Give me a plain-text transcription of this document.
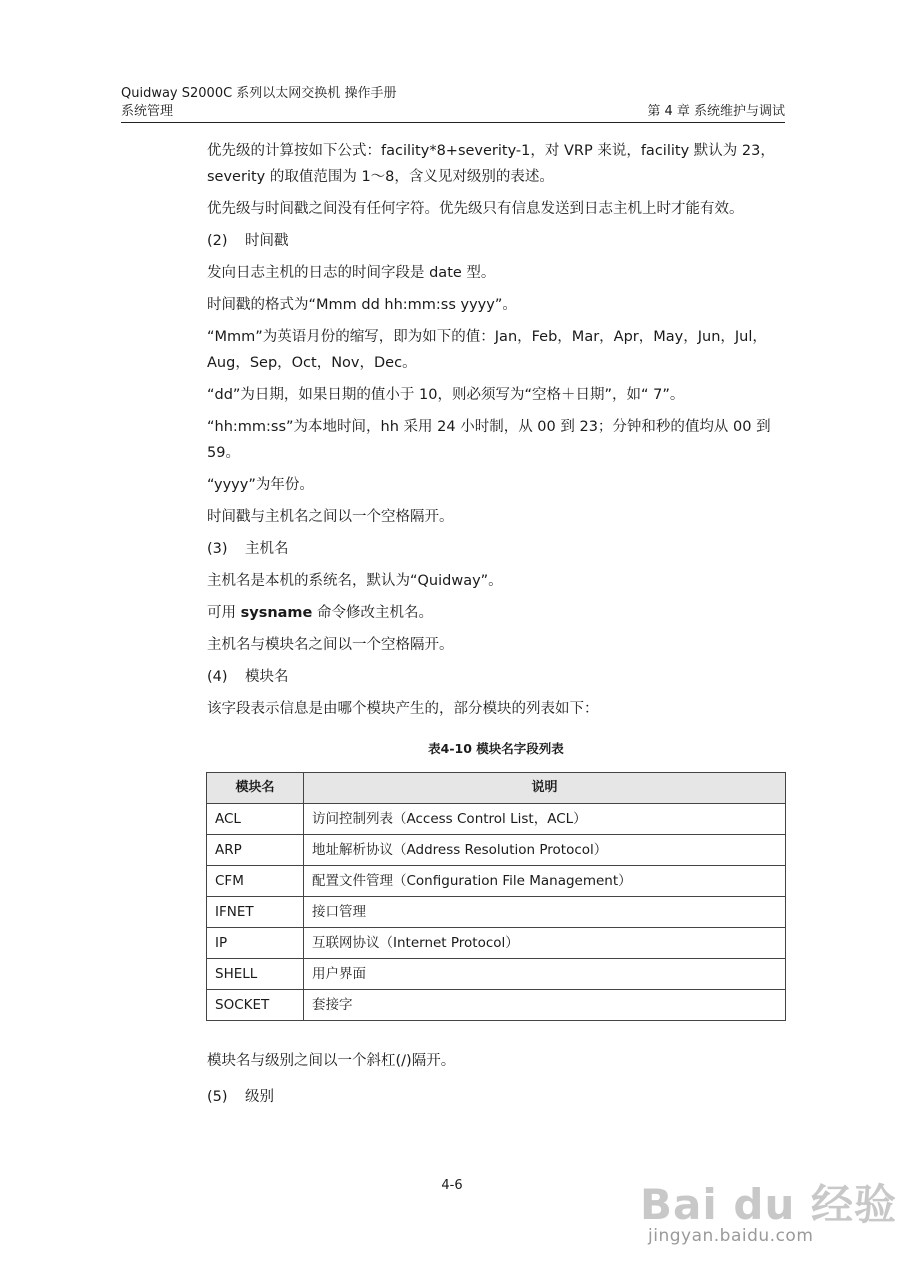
Quidway S2000C 系列以太网交换机 操作手册
系统管理	第 4 章 系统维护与调试

优先级的计算按如下公式：facility*8+severity-1，对 VRP 来说，facility 默认为 23，severity 的取值范围为 1～8，含义见对级别的表述。

优先级与时间戳之间没有任何字符。优先级只有信息发送到日志主机上时才能有效。

(2) 时间戳

发向日志主机的日志的时间字段是 date 型。

时间戳的格式为“Mmm dd hh:mm:ss yyyy”。

“Mmm”为英语月份的缩写，即为如下的值：Jan，Feb，Mar，Apr，May，Jun，Jul，Aug，Sep，Oct，Nov，Dec。

“dd”为日期，如果日期的值小于 10，则必须写为“空格＋日期”，如“ 7”。

“hh:mm:ss”为本地时间，hh 采用 24 小时制，从 00 到 23；分钟和秒的值均从 00 到 59。

“yyyy”为年份。

时间戳与主机名之间以一个空格隔开。

(3) 主机名

主机名是本机的系统名，默认为“Quidway”。

可用 sysname 命令修改主机名。

主机名与模块名之间以一个空格隔开。

(4) 模块名

该字段表示信息是由哪个模块产生的，部分模块的列表如下：

表4-10 模块名字段列表
模块名	说明
ACL	访问控制列表（Access Control List，ACL）
ARP	地址解析协议（Address Resolution Protocol）
CFM	配置文件管理（Configuration File Management）
IFNET	接口管理
IP	互联网协议（Internet Protocol）
SHELL	用户界面
SOCKET	套接字

模块名与级别之间以一个斜杠(/)隔开。

(5) 级别

4-6	Bai du 经验
jingyan.baidu.com
